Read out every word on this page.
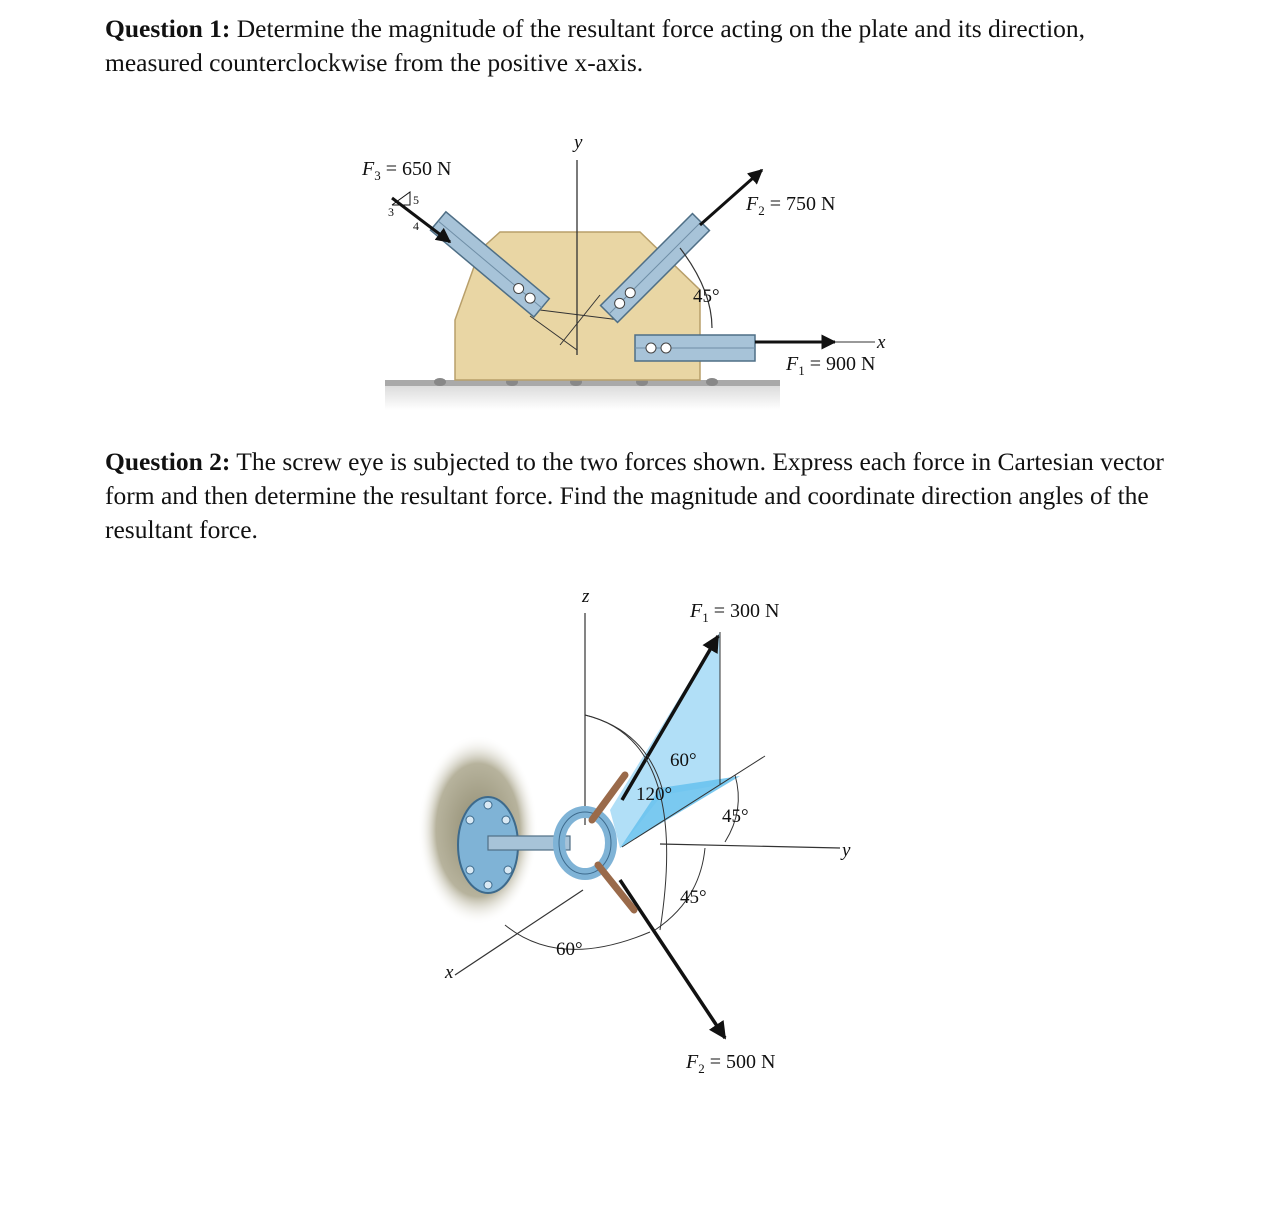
Question 1: Determine the magnitude of the resultant force acting on the plate and its direction, measured counterclockwise from the positive x-axis.

y
3
4
5
$F_3 = 650$ N
$F_2 = 750$ N
45°
x
$F_1 = 900$ N

Question 2: The screw eye is subjected to the two forces shown. Express each force in Cartesian vector form and then determine the resultant force. Find the magnitude and coordinate direction angles of the resultant force.

z
y
x
$F_1 = 300$ N
$F_2 = 500$ N
60°
120°
45°
45°
60°
